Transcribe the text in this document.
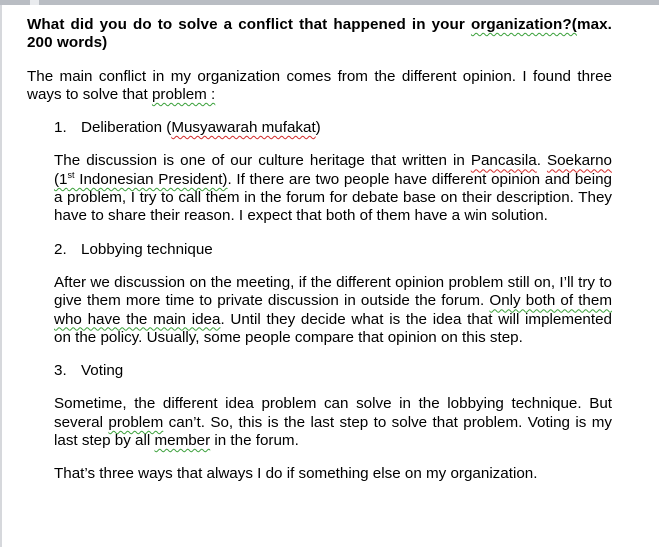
What did you do to solve a conflict that happened in your organization?(max. 200 words)

The main conflict in my organization comes from the different opinion. I found three ways to solve that problem :

1. Deliberation (Musyawarah mufakat)

The discussion is one of our culture heritage that written in Pancasila. Soekarno (1st Indonesian President). If there are two people have different opinion and being a problem, I try to call them in the forum for debate base on their description. They have to share their reason. I expect that both of them have a win solution.

2. Lobbying technique

After we discussion on the meeting, if the different opinion problem still on, I’ll try to give them more time to private discussion in outside the forum. Only both of them who have the main idea. Until they decide what is the idea that will implemented on the policy. Usually, some people compare that opinion on this step.

3. Voting

Sometime, the different idea problem can solve in the lobbying technique. But several problem can’t. So, this is the last step to solve that problem. Voting is my last step by all member in the forum.

That’s three ways that always I do if something else on my organization.
